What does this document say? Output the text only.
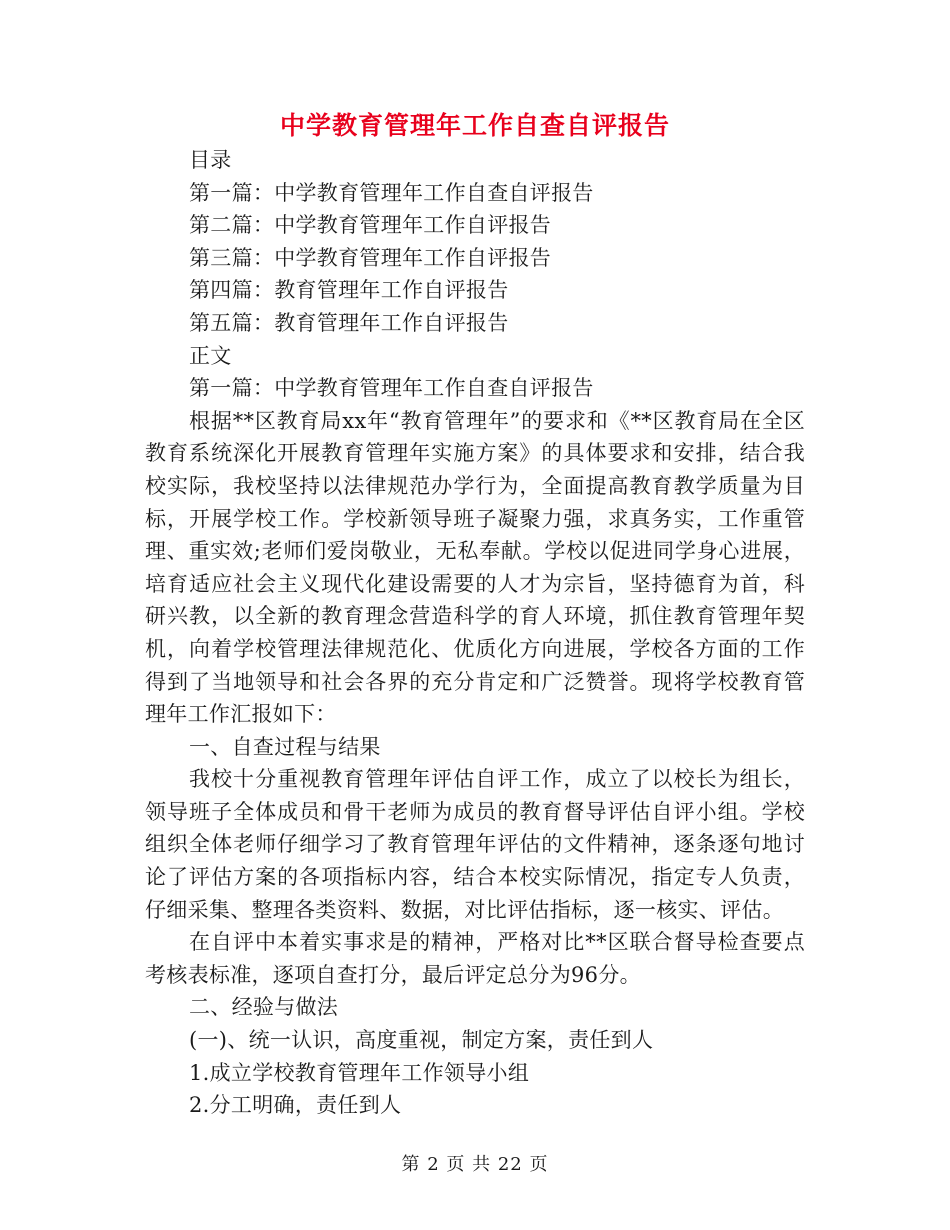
中学教育管理年工作自查自评报告
目录
第一篇：中学教育管理年工作自查自评报告
第二篇：中学教育管理年工作自评报告
第三篇：中学教育管理年工作自评报告
第四篇：教育管理年工作自评报告
第五篇：教育管理年工作自评报告
正文
第一篇：中学教育管理年工作自查自评报告
根据**区教育局xx年“教育管理年”的要求和《**区教育局在全区教育系统深化开展教育管理年实施方案》的具体要求和安排，结合我校实际，我校坚持以法律规范办学行为，全面提高教育教学质量为目标，开展学校工作。学校新领导班子凝聚力强，求真务实，工作重管理、重实效;老师们爱岗敬业，无私奉献。学校以促进同学身心进展，培育适应社会主义现代化建设需要的人才为宗旨，坚持德育为首，科研兴教，以全新的教育理念营造科学的育人环境，抓住教育管理年契机，向着学校管理法律规范化、优质化方向进展，学校各方面的工作得到了当地领导和社会各界的充分肯定和广泛赞誉。现将学校教育管理年工作汇报如下：
一、自查过程与结果
我校十分重视教育管理年评估自评工作，成立了以校长为组长，领导班子全体成员和骨干老师为成员的教育督导评估自评小组。学校组织全体老师仔细学习了教育管理年评估的文件精神，逐条逐句地讨论了评估方案的各项指标内容，结合本校实际情况，指定专人负责，仔细采集、整理各类资料、数据，对比评估指标，逐一核实、评估。
在自评中本着实事求是的精神，严格对比**区联合督导检查要点考核表标准，逐项自查打分，最后评定总分为96分。
二、经验与做法
(一)、统一认识，高度重视，制定方案，责任到人
1.成立学校教育管理年工作领导小组
2.分工明确，责任到人
第 2 页 共 22 页
